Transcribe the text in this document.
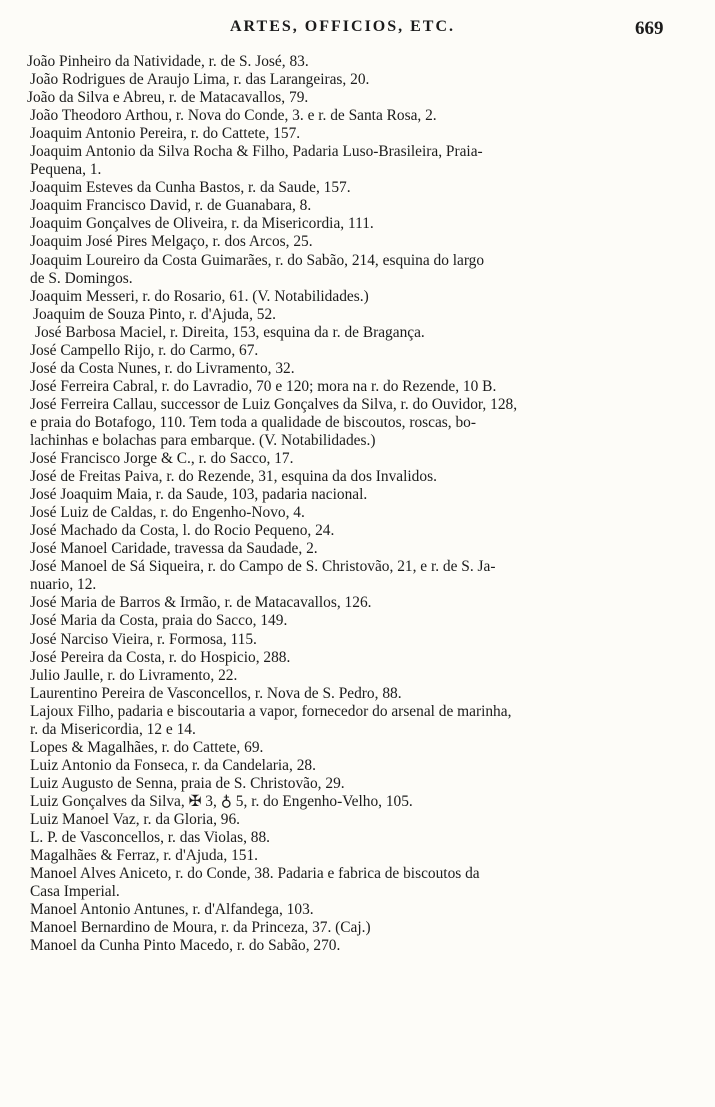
ARTES, OFFICIOS, ETC.	669

João Pinheiro da Natividade, r. de S. José, 83.

João Rodrigues de Araujo Lima, r. das Larangeiras, 20.

João da Silva e Abreu, r. de Matacavallos, 79.

João Theodoro Arthou, r. Nova do Conde, 3. e r. de Santa Rosa, 2.

Joaquim Antonio Pereira, r. do Cattete, 157.

Joaquim Antonio da Silva Rocha & Filho, Padaria Luso-Brasileira, Praia-
Pequena, 1.

Joaquim Esteves da Cunha Bastos, r. da Saude, 157.

Joaquim Francisco David, r. de Guanabara, 8.

Joaquim Gonçalves de Oliveira, r. da Misericordia, 111.

Joaquim José Pires Melgaço, r. dos Arcos, 25.

Joaquim Loureiro da Costa Guimarães, r. do Sabão, 214, esquina do largo
de S. Domingos.

Joaquim Messeri, r. do Rosario, 61. (V. Notabilidades.)

Joaquim de Souza Pinto, r. d'Ajuda, 52.

José Barbosa Maciel, r. Direita, 153, esquina da r. de Bragança.

José Campello Rijo, r. do Carmo, 67.

José da Costa Nunes, r. do Livramento, 32.

José Ferreira Cabral, r. do Lavradio, 70 e 120; mora na r. do Rezende, 10 B.

José Ferreira Callau, successor de Luiz Gonçalves da Silva, r. do Ouvidor, 128,
e praia do Botafogo, 110. Tem toda a qualidade de biscoutos, roscas, bo-
lachinhas e bolachas para embarque. (V. Notabilidades.)

José Francisco Jorge & C., r. do Sacco, 17.

José de Freitas Paiva, r. do Rezende, 31, esquina da dos Invalidos.

José Joaquim Maia, r. da Saude, 103, padaria nacional.

José Luiz de Caldas, r. do Engenho-Novo, 4.

José Machado da Costa, l. do Rocio Pequeno, 24.

José Manoel Caridade, travessa da Saudade, 2.

José Manoel de Sá Siqueira, r. do Campo de S. Christovão, 21, e r. de S. Ja-
nuario, 12.

José Maria de Barros & Irmão, r. de Matacavallos, 126.

José Maria da Costa, praia do Sacco, 149.

José Narciso Vieira, r. Formosa, 115.

José Pereira da Costa, r. do Hospicio, 288.

Julio Jaulle, r. do Livramento, 22.

Laurentino Pereira de Vasconcellos, r. Nova de S. Pedro, 88.

Lajoux Filho, padaria e biscoutaria a vapor, fornecedor do arsenal de marinha,
r. da Misericordia, 12 e 14.

Lopes & Magalhães, r. do Cattete, 69.

Luiz Antonio da Fonseca, r. da Candelaria, 28.

Luiz Augusto de Senna, praia de S. Christovão, 29.

Luiz Gonçalves da Silva, ✠ 3, ♁ 5, r. do Engenho-Velho, 105.

Luiz Manoel Vaz, r. da Gloria, 96.

L. P. de Vasconcellos, r. das Violas, 88.

Magalhães & Ferraz, r. d'Ajuda, 151.

Manoel Alves Aniceto, r. do Conde, 38. Padaria e fabrica de biscoutos da
Casa Imperial.

Manoel Antonio Antunes, r. d'Alfandega, 103.

Manoel Bernardino de Moura, r. da Princeza, 37. (Caj.)

Manoel da Cunha Pinto Macedo, r. do Sabão, 270.
